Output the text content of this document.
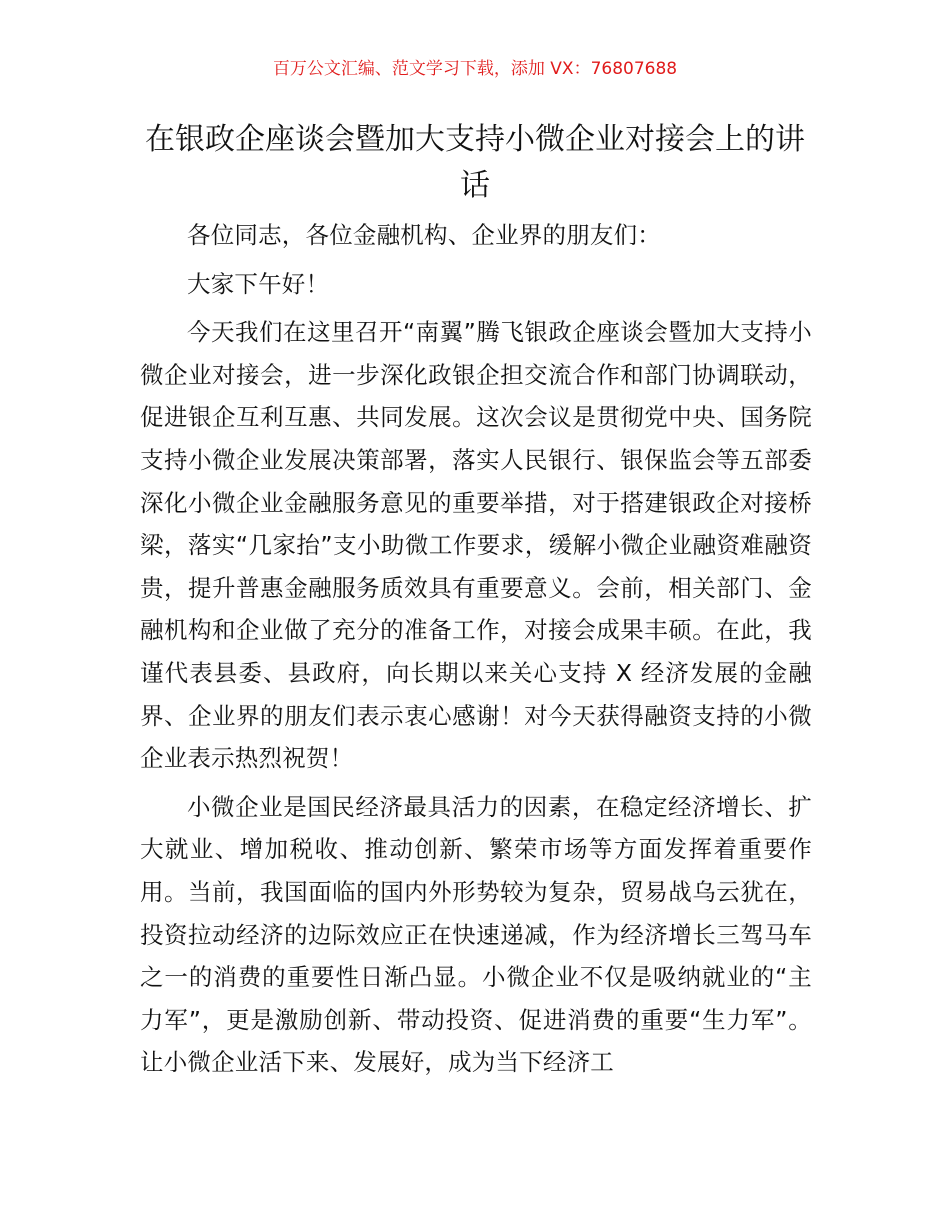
百万公文汇编、范文学习下载，添加 VX：76807688
在银政企座谈会暨加大支持小微企业对接会上的讲话

各位同志，各位金融机构、企业界的朋友们：

大家下午好！

今天我们在这里召开“南翼”腾飞银政企座谈会暨加大支持小微企业对接会，进一步深化政银企担交流合作和部门协调联动，促进银企互利互惠、共同发展。这次会议是贯彻党中央、国务院支持小微企业发展决策部署，落实人民银行、银保监会等五部委深化小微企业金融服务意见的重要举措，对于搭建银政企对接桥梁，落实“几家抬”支小助微工作要求，缓解小微企业融资难融资贵，提升普惠金融服务质效具有重要意义。会前，相关部门、金融机构和企业做了充分的准备工作，对接会成果丰硕。在此，我谨代表县委、县政府，向长期以来关心支持 X 经济发展的金融界、企业界的朋友们表示衷心感谢！对今天获得融资支持的小微企业表示热烈祝贺！

小微企业是国民经济最具活力的因素，在稳定经济增长、扩大就业、增加税收、推动创新、繁荣市场等方面发挥着重要作用。当前，我国面临的国内外形势较为复杂，贸易战乌云犹在，投资拉动经济的边际效应正在快速递减，作为经济增长三驾马车之一的消费的重要性日渐凸显。小微企业不仅是吸纳就业的“主力军”，更是激励创新、带动投资、促进消费的重要“生力军”。让小微企业活下来、发展好，成为当下经济工
